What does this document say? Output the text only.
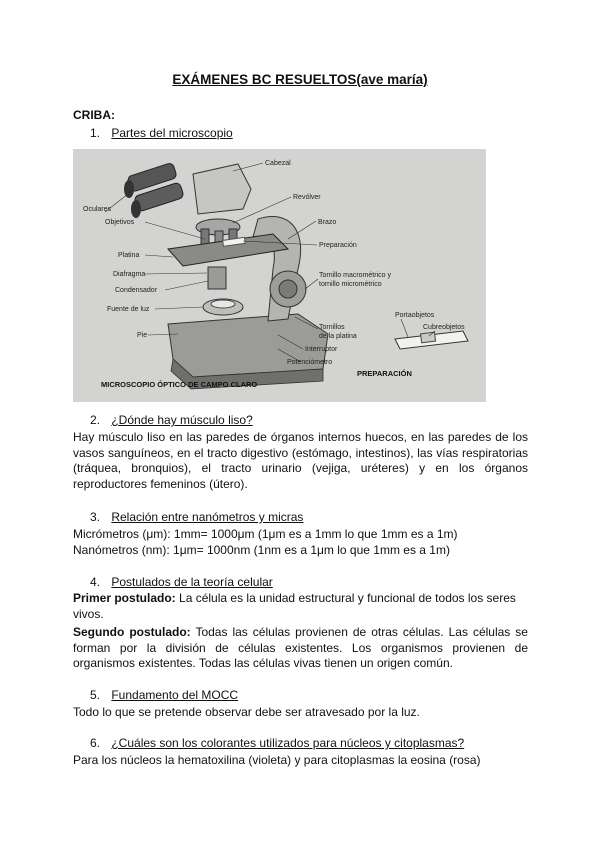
EXÁMENES BC RESUELTOS(ave maría)
CRIBA:
1. Partes del microscopio
Cabezal
Oculares
Objetivos
Revólver
Brazo
Preparación
Platina
Diafragma
Condensador
Fuente de luz
Pie
Tornillo macrométrico y
tornillo micrométrico
Tornillos
de la platina
Interruptor
Potenciómetro
Portaobjetos
Cubreobjetos
MICROSCOPIO ÓPTICO DE CAMPO CLARO
PREPARACIÓN
2. ¿Dónde hay músculo liso?
Hay músculo liso en las paredes de órganos internos huecos, en las paredes de los vasos sanguíneos, en el tracto digestivo (estómago, intestinos), las vías respiratorias (tráquea, bronquios), el tracto urinario (vejiga, uréteres) y en los órganos reproductores femeninos (útero).
3. Relación entre nanómetros y micras
Micrómetros (μm): 1mm= 1000μm (1μm es a 1mm lo que 1mm es a 1m)
Nanómetros (nm): 1μm= 1000nm (1nm es a 1μm lo que 1mm es a 1m)
4. Postulados de la teoría celular
Primer postulado: La célula es la unidad estructural y funcional de todos los seres vivos.
Segundo postulado: Todas las células provienen de otras células. Las células se forman por la división de células existentes. Los organismos provienen de organismos existentes. Todas las células vivas tienen un origen común.
5. Fundamento del MOCC
Todo lo que se pretende observar debe ser atravesado por la luz.
6. ¿Cuáles son los colorantes utilizados para núcleos y citoplasmas?
Para los núcleos la hematoxilina (violeta) y para citoplasmas la eosina (rosa)
